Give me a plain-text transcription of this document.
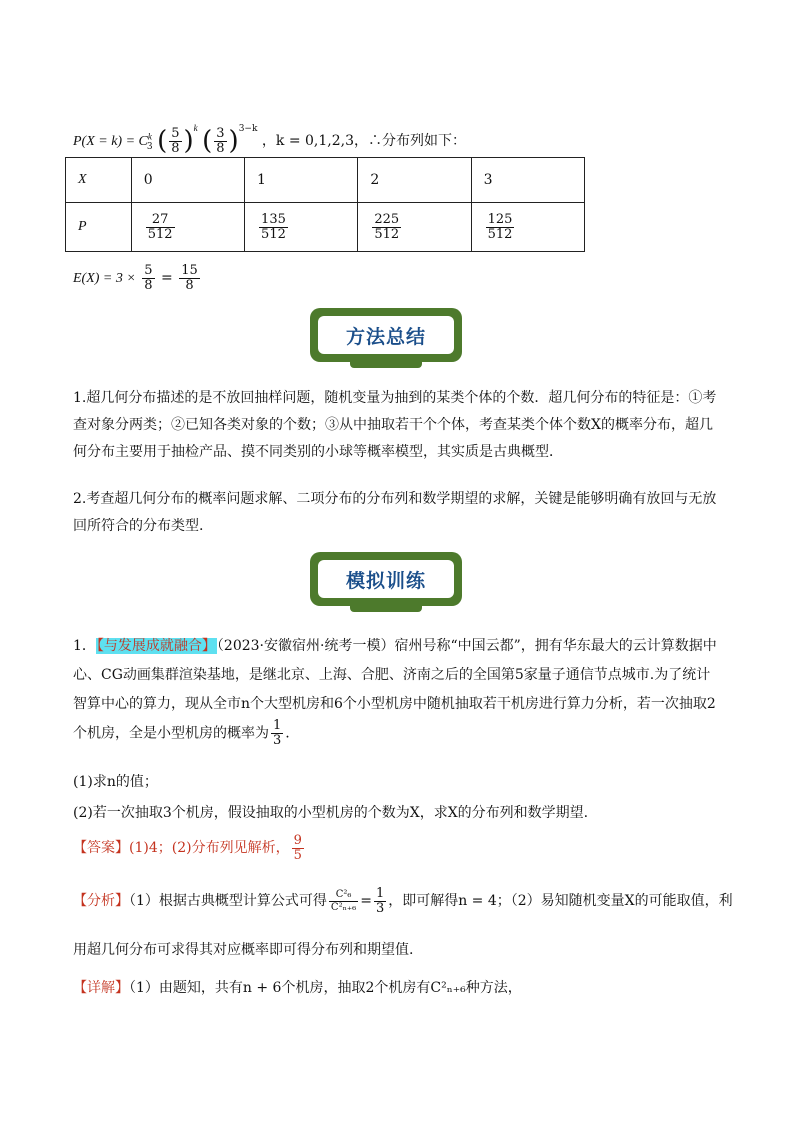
$P(X = k) = C^k_3$ ( $\frac{5}{8} )^k$ ( $\frac{3}{8} )^{3-k}$ ，k = 0,1,2,3，∴分布列如下：
X	0	1	2	3
P	$\frac{27}{512}$	$\frac{135}{512}$	$\frac{225}{512}$	$\frac{125}{512}$
$E(X) = 3 \times \frac{5}{8} = \frac{15}{8}$
方法总结
1.超几何分布描述的是不放回抽样问题，随机变量为抽到的某类个体的个数．超几何分布的特征是：①考查对象分两类；②已知各类对象的个数；③从中抽取若干个个体，考查某类个体个数X的概率分布，超几何分布主要用于抽检产品、摸不同类别的小球等概率模型，其实质是古典概型．
2.考查超几何分布的概率问题求解、二项分布的分布列和数学期望的求解，关键是能够明确有放回与无放回所符合的分布类型.
模拟训练
1．【与发展成就融合】（2023·安徽宿州·统考一模）宿州号称“中国云都”，拥有华东最大的云计算数据中心、CG动画集群渲染基地，是继北京、上海、合肥、济南之后的全国第5家量子通信节点城市.为了统计智算中心的算力，现从全市n个大型机房和6个小型机房中随机抽取若干机房进行算力分析，若一次抽取2个机房，全是小型机房的概率为 $\frac{1}{3}$ .
(1)求n的值；
(2)若一次抽取3个机房，假设抽取的小型机房的个数为X，求X的分布列和数学期望.
【答案】(1)4；(2)分布列见解析， $\frac{9}{5}$
【分析】（1）根据古典概型计算公式可得 $\frac{\text{C²₆}}{\text{C²ₙ₊₆}} = \frac{1}{3}$ ，即可解得n = 4；（2）易知随机变量X的可能取值，利
用超几何分布可求得其对应概率即可得分布列和期望值.
【详解】（1）由题知，共有n + 6个机房，抽取2个机房有C²ₙ₊₆种方法，
